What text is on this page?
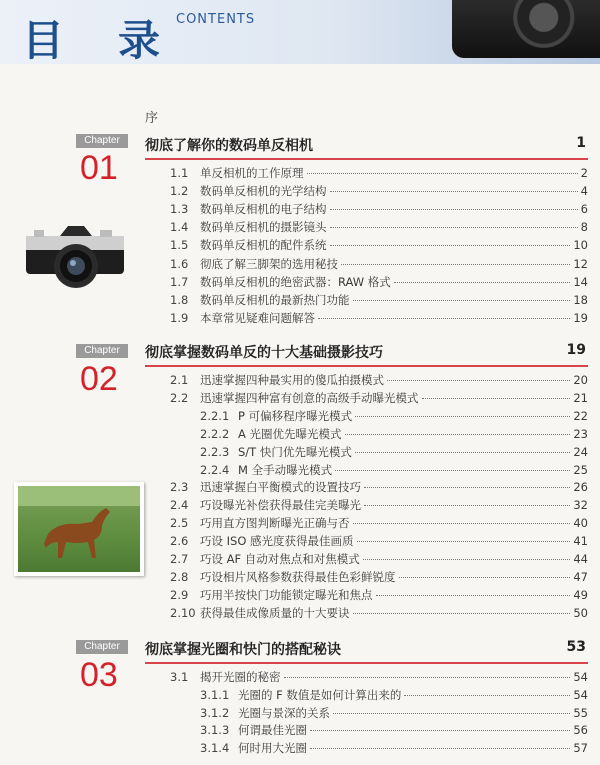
目 录 CONTENTS
序
Chapter
01
彻底了解你的数码单反相机	1
1.1	单反相机的工作原理	2
1.2	数码单反相机的光学结构	4
1.3	数码单反相机的电子结构	6
1.4	数码单反相机的摄影镜头	8
1.5	数码单反相机的配件系统	10
1.6	彻底了解三脚架的选用秘技	12
1.7	数码单反相机的绝密武器：RAW 格式	14
1.8	数码单反相机的最新热门功能	18
1.9	本章常见疑难问题解答	19
Chapter
02
彻底掌握数码单反的十大基础摄影技巧	19
2.1	迅速掌握四种最实用的傻瓜拍摄模式	20
2.2	迅速掌握四种富有创意的高级手动曝光模式	21
2.2.1 P 可偏移程序曝光模式	22
2.2.2 A 光圈优先曝光模式	23
2.2.3 S/T 快门优先曝光模式	24
2.2.4 M 全手动曝光模式	25
2.3	迅速掌握白平衡模式的设置技巧	26
2.4	巧设曝光补偿获得最佳完美曝光	32
2.5	巧用直方图判断曝光正确与否	40
2.6	巧设 ISO 感光度获得最佳画质	41
2.7	巧设 AF 自动对焦点和对焦模式	44
2.8	巧设相片风格参数获得最佳色彩鲜锐度	47
2.9	巧用半按快门功能锁定曝光和焦点	49
2.10 获得最佳成像质量的十大要诀	50
Chapter
03
彻底掌握光圈和快门的搭配秘诀	53
3.1	揭开光圈的秘密	54
3.1.1 光圈的 F 数值是如何计算出来的	54
3.1.2 光圈与景深的关系	55
3.1.3 何谓最佳光圈	56
3.1.4 何时用大光圈	57
